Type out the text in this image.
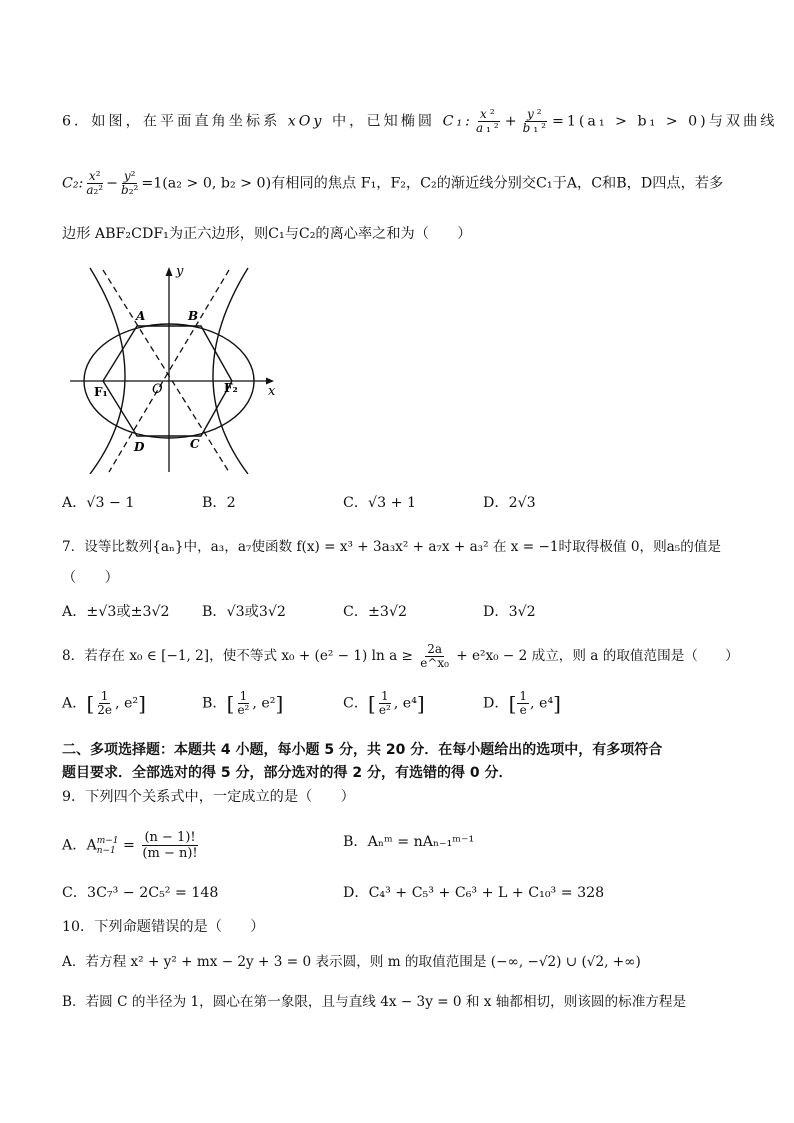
6．如图，在平面直角坐标系 xOy 中，已知椭圆 C₁: $\frac{\text{x²}}{\text{a₁²}} + \frac{\text{y²}}{\text{b₁²}} =1(a_1 > b_1 > 0)$与双曲线
C₂: $\frac{\text{x²}}{\text{a₂²}} - \frac{\text{y²}}{\text{b₂²}} =1(a_2 > 0$, b₂ > 0)有相同的焦点 F₁，F₂，C₂的渐近线分别交C₁于A，C和B，D四点，若多
边形 ABF₂CDF₁为正六边形，则C₁与C₂的离心率之和为（　　）
y
x
O
A	B
C
D
F₁	F₂
A．√3 − 1	B．2	C．√3 + 1	D．2√3
7．设等比数列{aₙ}中，a₃，a₇使函数 f(x) = x³ + 3a₃x² + a₇x + a₃² 在 x = −1时取得极值 0，则a₅的值是
（　　）
A．±√3或±3√2 B．√3或3√2	C．±3√2	D．3√2
8．若存在 x₀ ∈ [−1, 2]，使不等式 x₀ + (e² − 1) $\ln a \ge \frac{2a}{\text{e\textasciicircum{}x₀}} + e^2x_0 - 2$ 成立，则 a 的取值范围是（　　）
A．[ $\frac{1}{2e}$ , e²]	B．[ $\frac{1}{\text{e²}}$ , e²]	C．[ $\frac{1}{\text{e²}}$ , e⁴]	D．[ $\frac{1}{e}$ , e⁴]
二、多项选择题：本题共 4 小题，每小题 5 分，共 20 分．在每小题给出的选项中，有多项符合
题目要求．全部选对的得 5 分，部分选对的得 2 分，有选错的得 0 分．
9．下列四个关系式中，一定成立的是（　　）
A．A m−1
$n-1 = \frac{(n - 1)!}{(m - n)!}$	B．Aₙᵐ = nAₙ₋₁ᵐ⁻¹
C．3C₇³ − 2C₅² = 148	D．C₄³ + C₅³ + C₆³ + L + C₁₀³ = 328
10．下列命题错误的是（　　）
A．若方程 x² + y² + mx − 2y + 3 = 0 表示圆，则 m 的取值范围是 (−∞, −√2) ∪ (√2, +∞)
B．若圆 C 的半径为 1，圆心在第一象限，且与直线 4x − 3y = 0 和 x 轴都相切，则该圆的标准方程是
